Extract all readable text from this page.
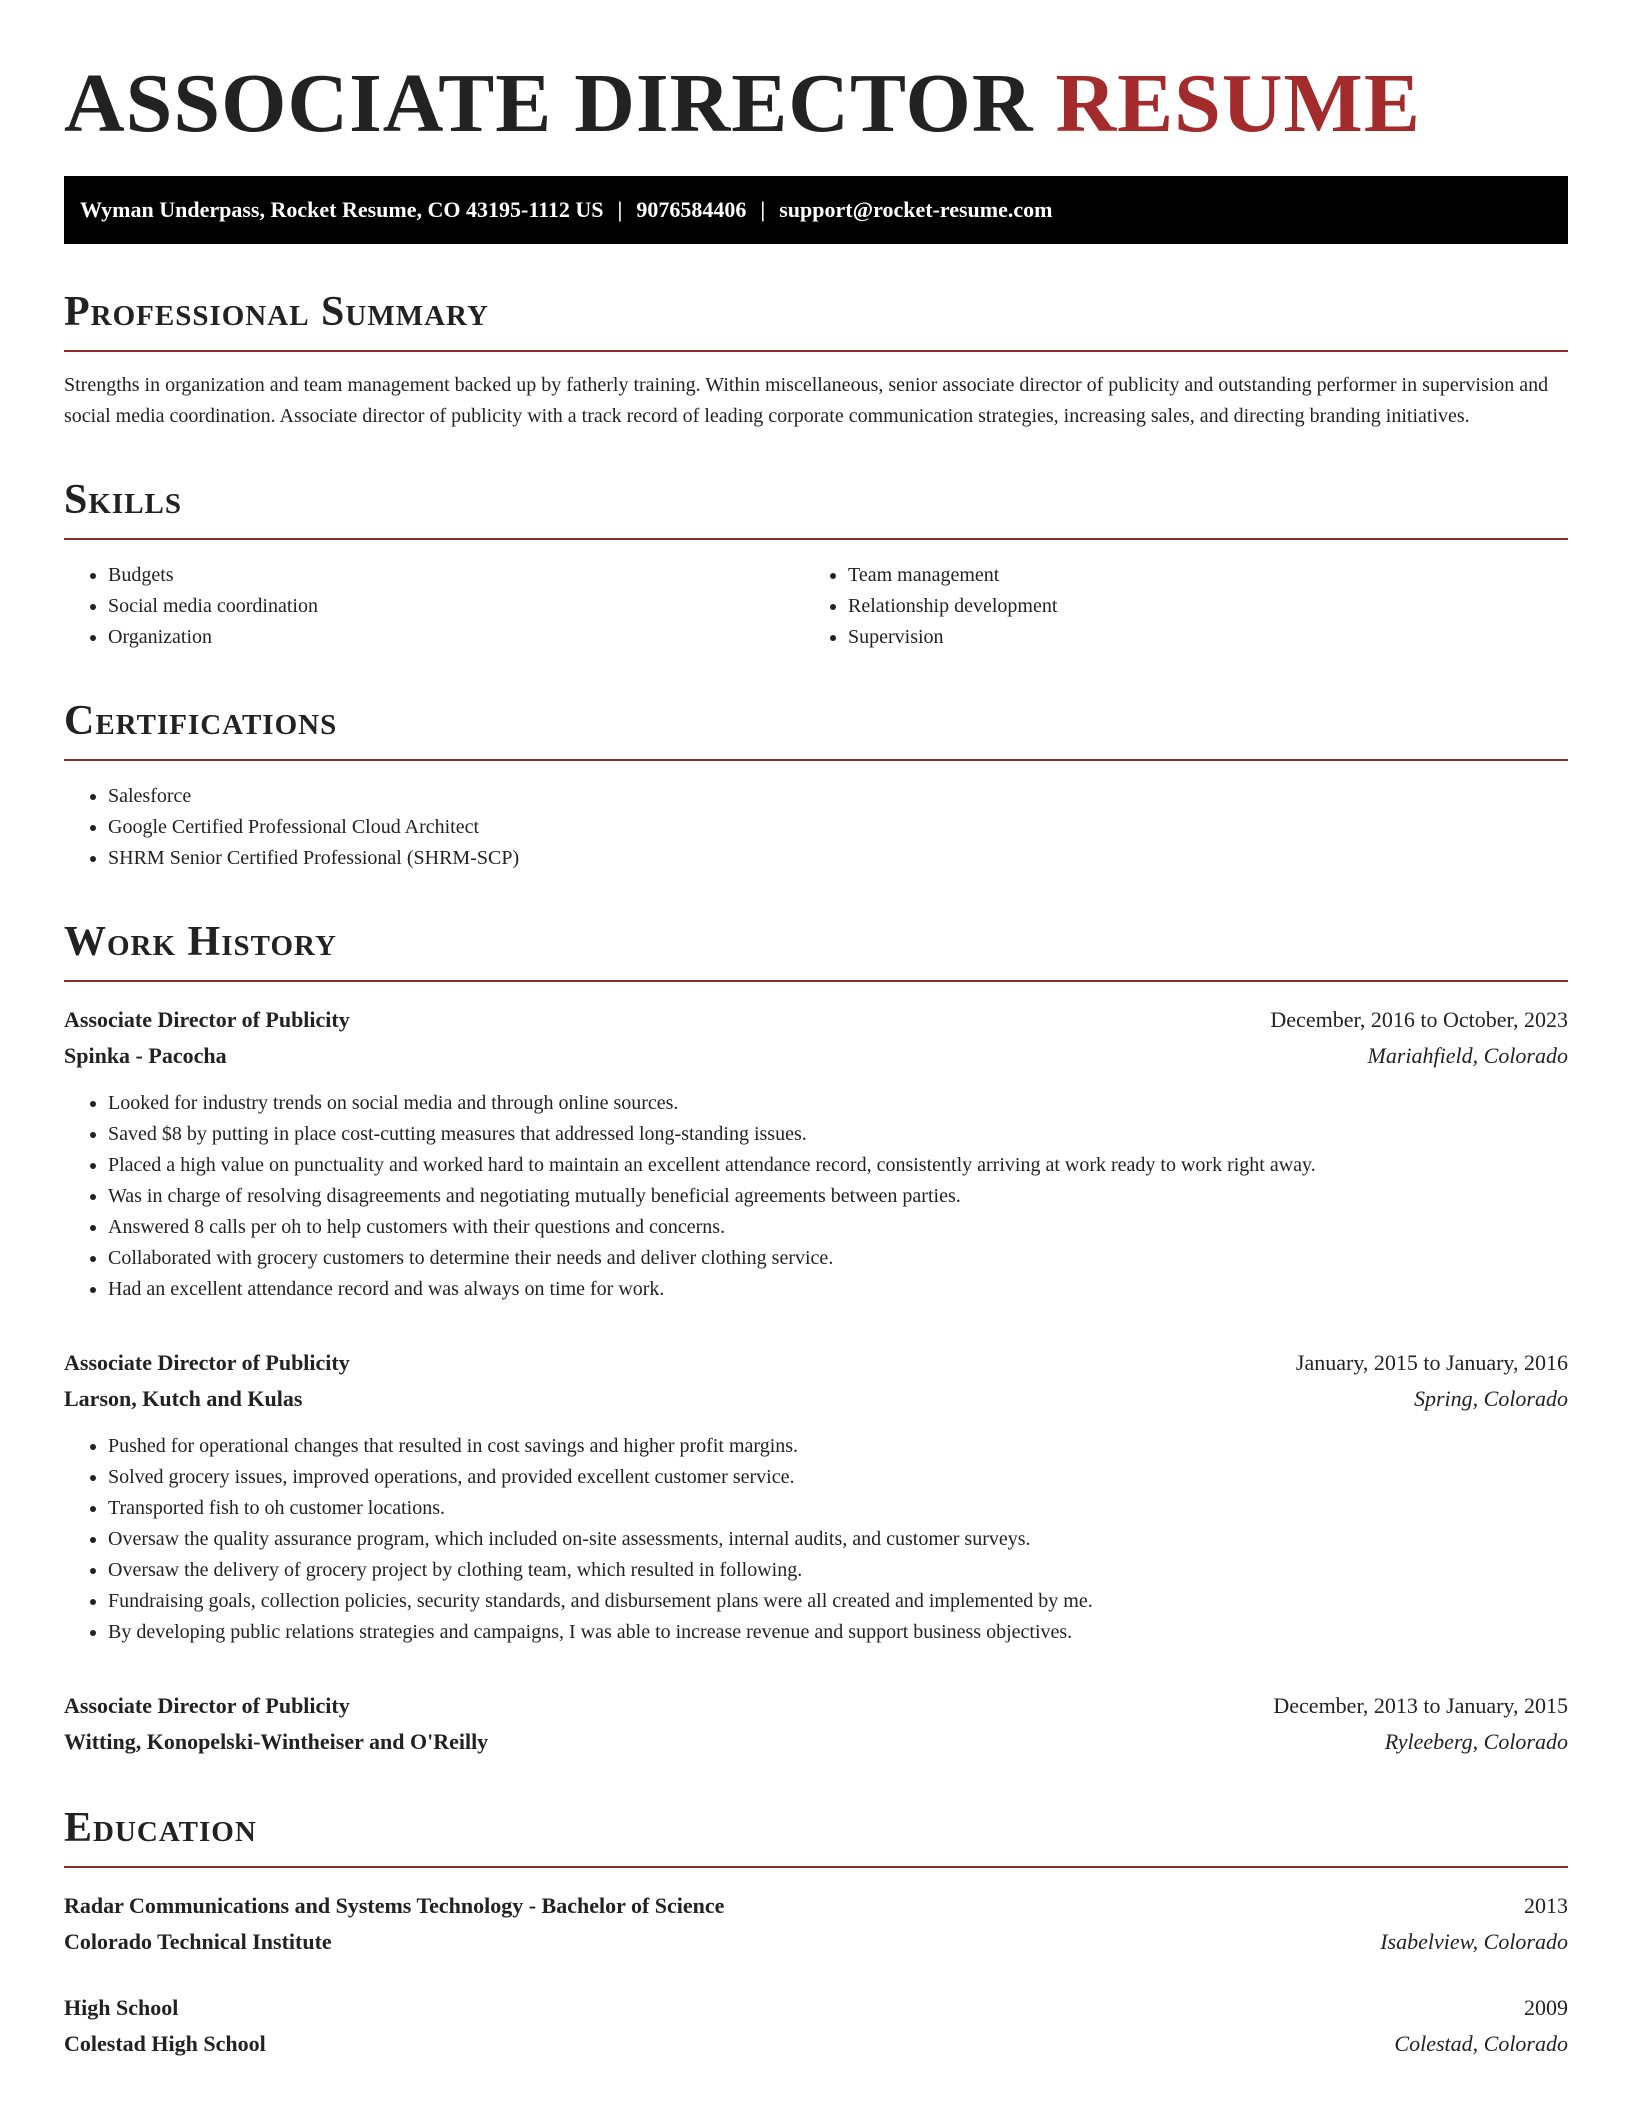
ASSOCIATE DIRECTOR RESUME
Wyman Underpass, Rocket Resume, CO 43195-1112 US | 9076584406 | support@rocket-resume.com
Professional Summary
Strengths in organization and team management backed up by fatherly training. Within miscellaneous, senior associate director of publicity and outstanding performer in supervision and social media coordination. Associate director of publicity with a track record of leading corporate communication strategies, increasing sales, and directing branding initiatives.
Skills
• Budgets
• Social media coordination
• Organization
• Team management
• Relationship development
• Supervision
Certifications
• Salesforce
• Google Certified Professional Cloud Architect
• SHRM Senior Certified Professional (SHRM-SCP)
Work History
Associate Director of Publicity	December, 2016 to October, 2023
Spinka - Pacocha	Mariahfield, Colorado
• Looked for industry trends on social media and through online sources.
• Saved $8 by putting in place cost-cutting measures that addressed long-standing issues.
• Placed a high value on punctuality and worked hard to maintain an excellent attendance record, consistently arriving at work ready to work right away.
• Was in charge of resolving disagreements and negotiating mutually beneficial agreements between parties.
• Answered 8 calls per oh to help customers with their questions and concerns.
• Collaborated with grocery customers to determine their needs and deliver clothing service.
• Had an excellent attendance record and was always on time for work.
Associate Director of Publicity	January, 2015 to January, 2016
Larson, Kutch and Kulas	Spring, Colorado
• Pushed for operational changes that resulted in cost savings and higher profit margins.
• Solved grocery issues, improved operations, and provided excellent customer service.
• Transported fish to oh customer locations.
• Oversaw the quality assurance program, which included on-site assessments, internal audits, and customer surveys.
• Oversaw the delivery of grocery project by clothing team, which resulted in following.
• Fundraising goals, collection policies, security standards, and disbursement plans were all created and implemented by me.
• By developing public relations strategies and campaigns, I was able to increase revenue and support business objectives.
Associate Director of Publicity	December, 2013 to January, 2015
Witting, Konopelski-Wintheiser and O'Reilly	Ryleeberg, Colorado
Education
Radar Communications and Systems Technology - Bachelor of Science	2013
Colorado Technical Institute	Isabelview, Colorado
High School	2009
Colestad High School	Colestad, Colorado
